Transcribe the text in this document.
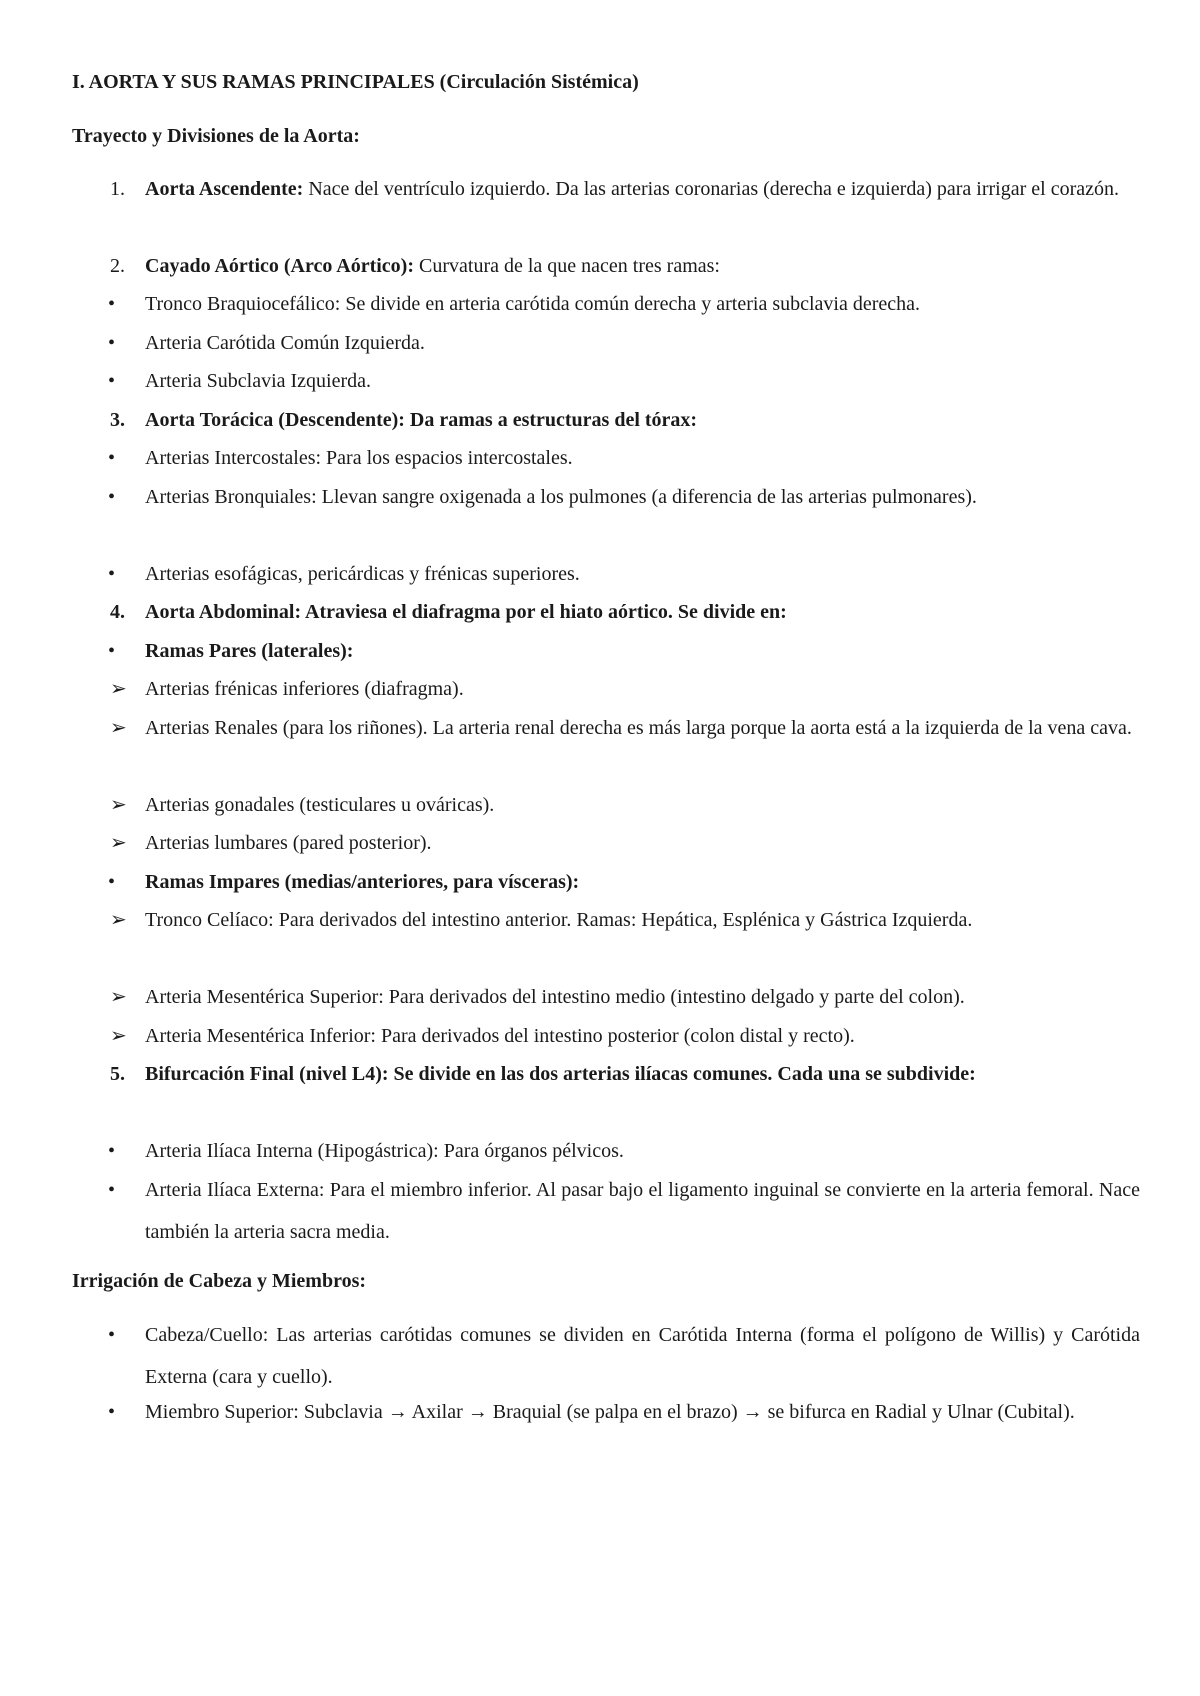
I. AORTA Y SUS RAMAS PRINCIPALES (Circulación Sistémica)
Trayecto y Divisiones de la Aorta:
1.	Aorta Ascendente: Nace del ventrículo izquierdo. Da las arterias coronarias (derecha e izquierda) para irrigar el corazón.
2.	Cayado Aórtico (Arco Aórtico): Curvatura de la que nacen tres ramas:
•	Tronco Braquiocefálico: Se divide en arteria carótida común derecha y arteria subclavia derecha.
•	Arteria Carótida Común Izquierda.
•	Arteria Subclavia Izquierda.
3.	Aorta Torácica (Descendente): Da ramas a estructuras del tórax:
•	Arterias Intercostales: Para los espacios intercostales.
•	Arterias Bronquiales: Llevan sangre oxigenada a los pulmones (a diferencia de las arterias pulmonares).
•	Arterias esofágicas, pericárdicas y frénicas superiores.
4.	Aorta Abdominal: Atraviesa el diafragma por el hiato aórtico. Se divide en:
•	Ramas Pares (laterales):
➢ Arterias frénicas inferiores (diafragma).
➢ Arterias Renales (para los riñones). La arteria renal derecha es más larga porque la aorta está a la izquierda de la vena cava.
➢ Arterias gonadales (testiculares u ováricas).
➢ Arterias lumbares (pared posterior).
•	Ramas Impares (medias/anteriores, para vísceras):
➢ Tronco Celíaco: Para derivados del intestino anterior. Ramas: Hepática, Esplénica y Gástrica Izquierda.
➢ Arteria Mesentérica Superior: Para derivados del intestino medio (intestino delgado y parte del colon).
➢ Arteria Mesentérica Inferior: Para derivados del intestino posterior (colon distal y recto).
5.	Bifurcación Final (nivel L4): Se divide en las dos arterias ilíacas comunes. Cada una se subdivide:
•	Arteria Ilíaca Interna (Hipogástrica): Para órganos pélvicos.
•	Arteria Ilíaca Externa: Para el miembro inferior. Al pasar bajo el ligamento inguinal se convierte en la arteria femoral. Nace también la arteria sacra media.
Irrigación de Cabeza y Miembros:
•	Cabeza/Cuello: Las arterias carótidas comunes se dividen en Carótida Interna (forma el polígono de Willis) y Carótida Externa (cara y cuello).
•	Miembro Superior: Subclavia → Axilar → Braquial (se palpa en el brazo) → se bifurca en Radial y Ulnar (Cubital).
